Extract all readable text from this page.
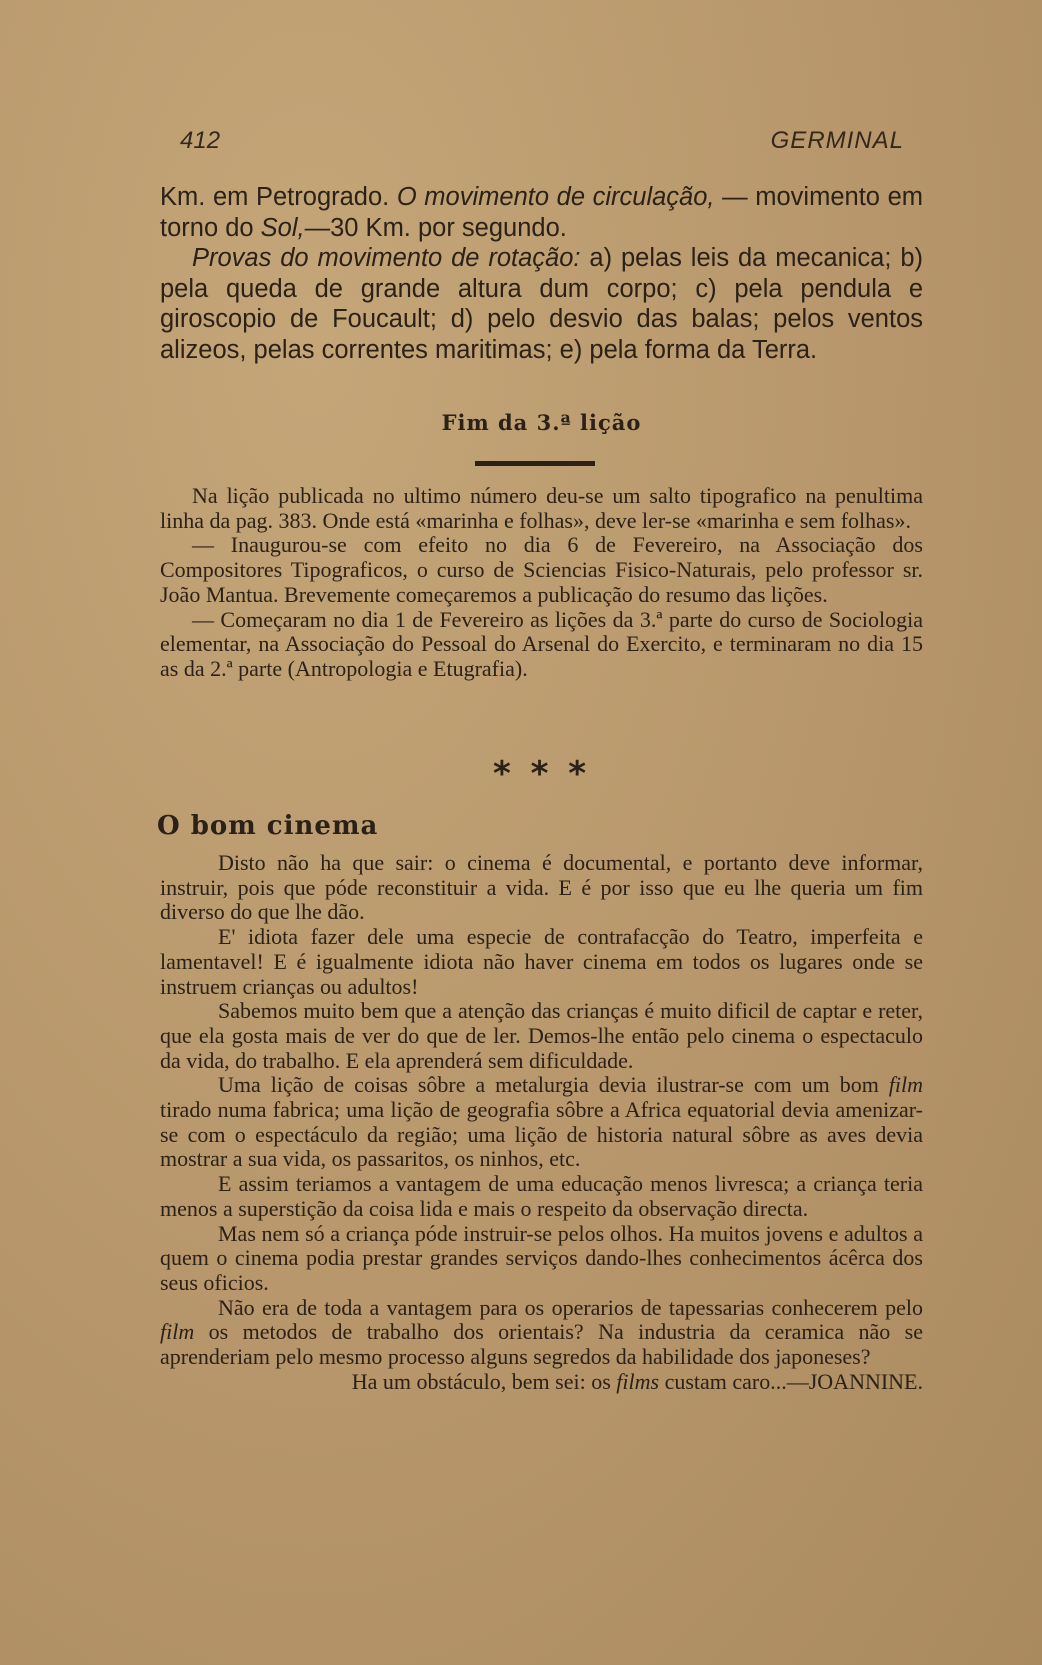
412	GERMINAL

Km. em Petrogrado. O movimento de circulação, — movimento em torno do Sol,—30 Km. por segundo.

Provas do movimento de rotação: a) pelas leis da mecanica; b) pela queda de grande altura dum corpo; c) pela pendula e giroscopio de Foucault; d) pelo desvio das balas; pelos ventos alizeos, pelas correntes maritimas; e) pela forma da Terra.

Fim da 3.ª lição

Na lição publicada no ultimo número deu-se um salto tipografico na penultima linha da pag. 383. Onde está «marinha e folhas», deve ler-se «marinha e sem folhas».

— Inaugurou-se com efeito no dia 6 de Fevereiro, na Associação dos Compositores Tipograficos, o curso de Sciencias Fisico-Naturais, pelo professor sr. João Mantua. Brevemente começaremos a publicação do resumo das lições.

— Começaram no dia 1 de Fevereiro as lições da 3.ª parte do curso de Sociologia elementar, na Associação do Pessoal do Arsenal do Exercito, e terminaram no dia 15 as da 2.ª parte (Antropologia e Etugrafia).

* * *
O bom cinema

Disto não ha que sair: o cinema é documental, e portanto deve informar, instruir, pois que póde reconstituir a vida. E é por isso que eu lhe queria um fim diverso do que lhe dão.

E' idiota fazer dele uma especie de contrafacção do Teatro, imperfeita e lamentavel! E é igualmente idiota não haver cinema em todos os lugares onde se instruem crianças ou adultos!

Sabemos muito bem que a atenção das crianças é muito dificil de captar e reter, que ela gosta mais de ver do que de ler. Demos-lhe então pelo cinema o espectaculo da vida, do trabalho. E ela aprenderá sem dificuldade.

Uma lição de coisas sôbre a metalurgia devia ilustrar-se com um bom film tirado numa fabrica; uma lição de geografia sôbre a Africa equatorial devia amenizar-se com o espectáculo da região; uma lição de historia natural sôbre as aves devia mostrar a sua vida, os passaritos, os ninhos, etc.

E assim teriamos a vantagem de uma educação menos livresca; a criança teria menos a superstição da coisa lida e mais o respeito da observação directa.

Mas nem só a criança póde instruir-se pelos olhos. Ha muitos jovens e adultos a quem o cinema podia prestar grandes serviços dando-lhes conhecimentos ácêrca dos seus oficios.

Não era de toda a vantagem para os operarios de tapessarias conhecerem pelo film os metodos de trabalho dos orientais? Na industria da ceramica não se aprenderiam pelo mesmo processo alguns segredos da habilidade dos japoneses?

Ha um obstáculo, bem sei: os films custam caro...—JOANNINE.
